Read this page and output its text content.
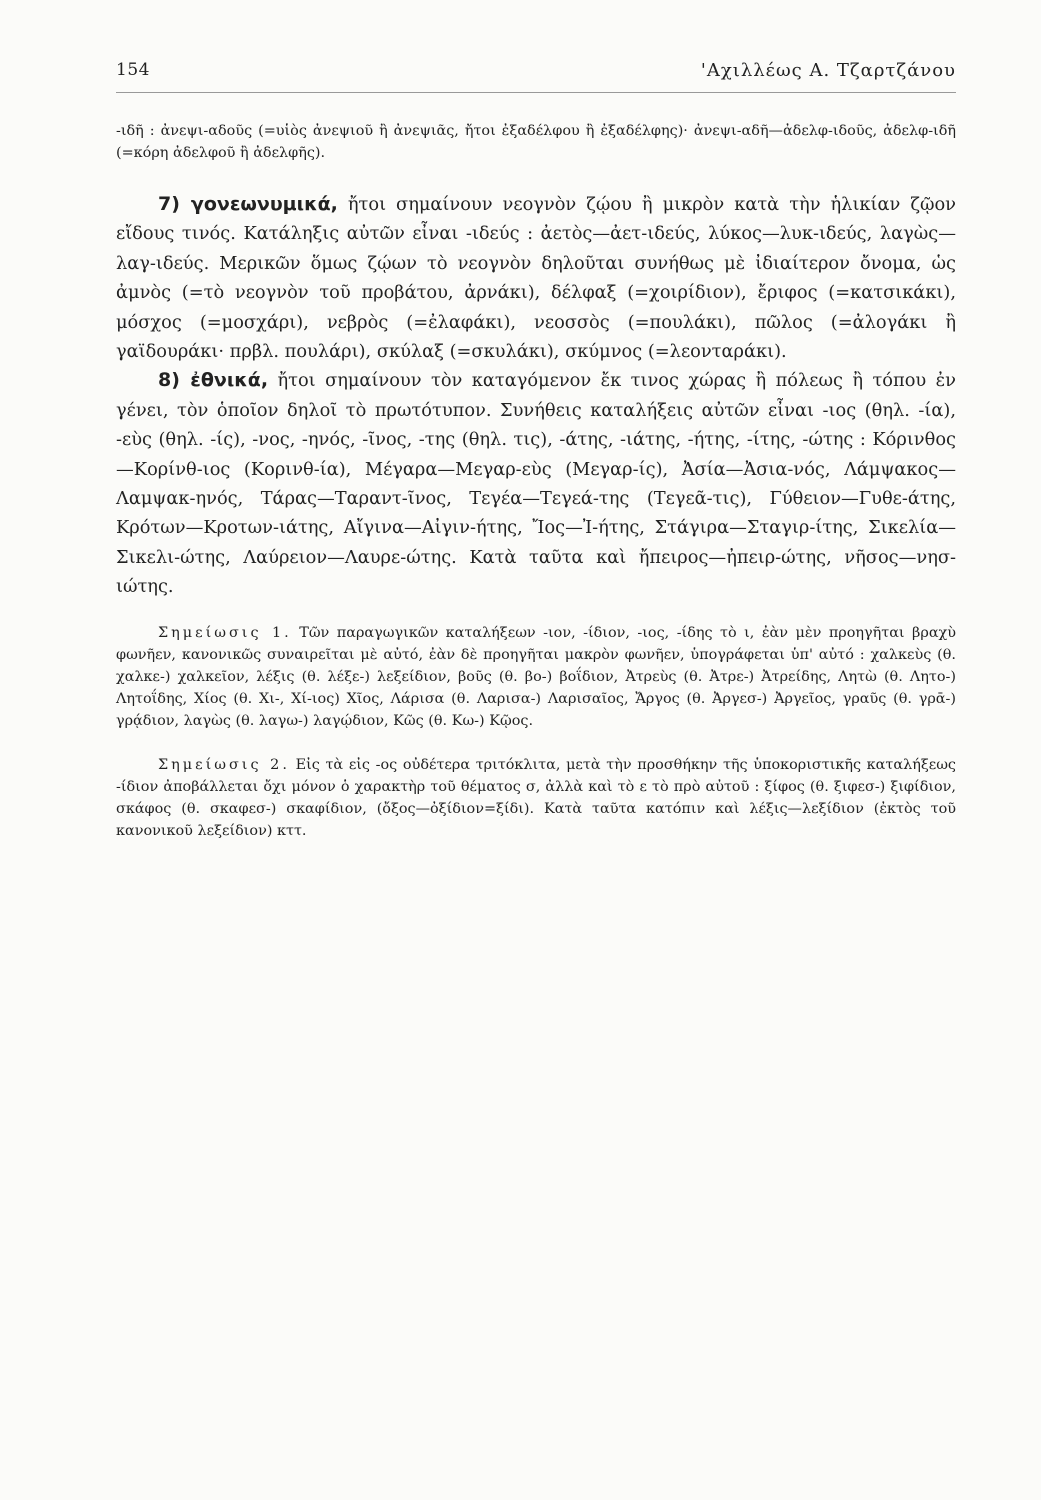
154	'Αχιλλέως Α. Τζαρτζάνου

-ιδῆ : ἀνεψι-αδοῦς (=υἱὸς ἀνεψιοῦ ἢ ἀνεψιᾶς, ἤτοι ἐξαδέλφου ἢ ἐξαδέλφης)· ἀνεψι-αδῆ—ἀδελφ-ιδοῦς, ἀδελφ-ιδῆ (=κόρη ἀδελφοῦ ἢ ἀδελφῆς).

7) γονεωνυμικά, ἤτοι σημαίνουν νεογνὸν ζῴου ἢ μικρὸν κατὰ τὴν ἡλικίαν ζῷον εἴδους τινός. Κατάληξις αὐτῶν εἶναι -ιδεύς : ἀετὸς—ἀετ-ιδεύς, λύκος—λυκ-ιδεύς, λαγὼς—λαγ-ιδεύς. Μερικῶν ὅμως ζῴων τὸ νεογνὸν δηλοῦται συνήθως μὲ ἰδιαίτερον ὄνομα, ὡς ἀμνὸς (=τὸ νεογνὸν τοῦ προβάτου, ἀρνάκι), δέλφαξ (=χοιρίδιον), ἔριφος (=κατσικάκι), μόσχος (=μοσχάρι), νεβρὸς (=ἐλαφάκι), νεοσσὸς (=πουλάκι), πῶλος (=ἀλογάκι ἢ γαϊδουράκι· πρβλ. πουλάρι), σκύλαξ (=σκυλάκι), σκύμνος (=λεονταράκι).

8) ἐθνικά, ἤτοι σημαίνουν τὸν καταγόμενον ἔκ τινος χώρας ἢ πόλεως ἢ τόπου ἐν γένει, τὸν ὁποῖον δηλοῖ τὸ πρωτότυπον. Συνήθεις καταλήξεις αὐτῶν εἶναι -ιος (θηλ. -ία), -εὺς (θηλ. -ίς), -νος, -ηνός, -ῖνος, -της (θηλ. τις), -άτης, -ιάτης, -ήτης, -ίτης, -ώτης : Κόρινθος—Κορίνθ-ιος (Κορινθ-ία), Μέγαρα—Μεγαρ-εὺς (Μεγαρ-ίς), Ἀσία—Ἀσια-νός, Λάμψακος—Λαμψακ-ηνός, Τάρας—Ταραντ-ῖνος, Τεγέα—Τεγεά-της (Τεγεᾶ-τις), Γύθειον—Γυθε-άτης, Κρότων—Κροτων-ιάτης, Αἴγινα—Αἰγιν-ήτης, Ἴος—Ἰ-ήτης, Στάγιρα—Σταγιρ-ίτης, Σικελία—Σικελι-ώτης, Λαύρειον—Λαυρε-ώτης. Κατὰ ταῦτα καὶ ἤπειρος—ἠπειρ-ώτης, νῆσος—νησ-ιώτης.

Σημείωσις 1. Τῶν παραγωγικῶν καταλήξεων -ιον, -ίδιον, -ιος, -ίδης τὸ ι, ἐὰν μὲν προηγῆται βραχὺ φωνῆεν, κανονικῶς συναιρεῖται μὲ αὐτό, ἐὰν δὲ προηγῆται μακρὸν φωνῆεν, ὑπογράφεται ὑπ' αὐτό : χαλκεὺς (θ. χαλκε-) χαλκεῖον, λέξις (θ. λέξε-) λεξείδιον, βοῦς (θ. βο-) βοΐδιον, Ἀτρεὺς (θ. Ἀτρε-) Ἀτρείδης, Λητὼ (θ. Λητο-) Λητοΐδης, Χίος (θ. Χι-, Χί-ιος) Χῖος, Λάρισα (θ. Λαρισα-) Λαρισαῖος, Ἄργος (θ. Ἀργεσ-) Ἀργεῖος, γραῦς (θ. γρᾱ-) γρᾴδιον, λαγὼς (θ. λαγω-) λαγῴδιον, Κῶς (θ. Κω-) Κῷος.

Σημείωσις 2. Εἰς τὰ εἰς -ος οὐδέτερα τριτόκλιτα, μετὰ τὴν προσθήκην τῆς ὑποκοριστικῆς καταλήξεως -ίδιον ἀποβάλλεται ὄχι μόνον ὁ χαρακτὴρ τοῦ θέματος σ, ἀλλὰ καὶ τὸ ε τὸ πρὸ αὐτοῦ : ξίφος (θ. ξιφεσ-) ξιφίδιον, σκάφος (θ. σκαφεσ-) σκαφίδιον, (ὄξος—ὀξίδιον=ξίδι). Κατὰ ταῦτα κατόπιν καὶ λέξις—λεξίδιον (ἐκτὸς τοῦ κανονικοῦ λεξείδιον) κττ.
